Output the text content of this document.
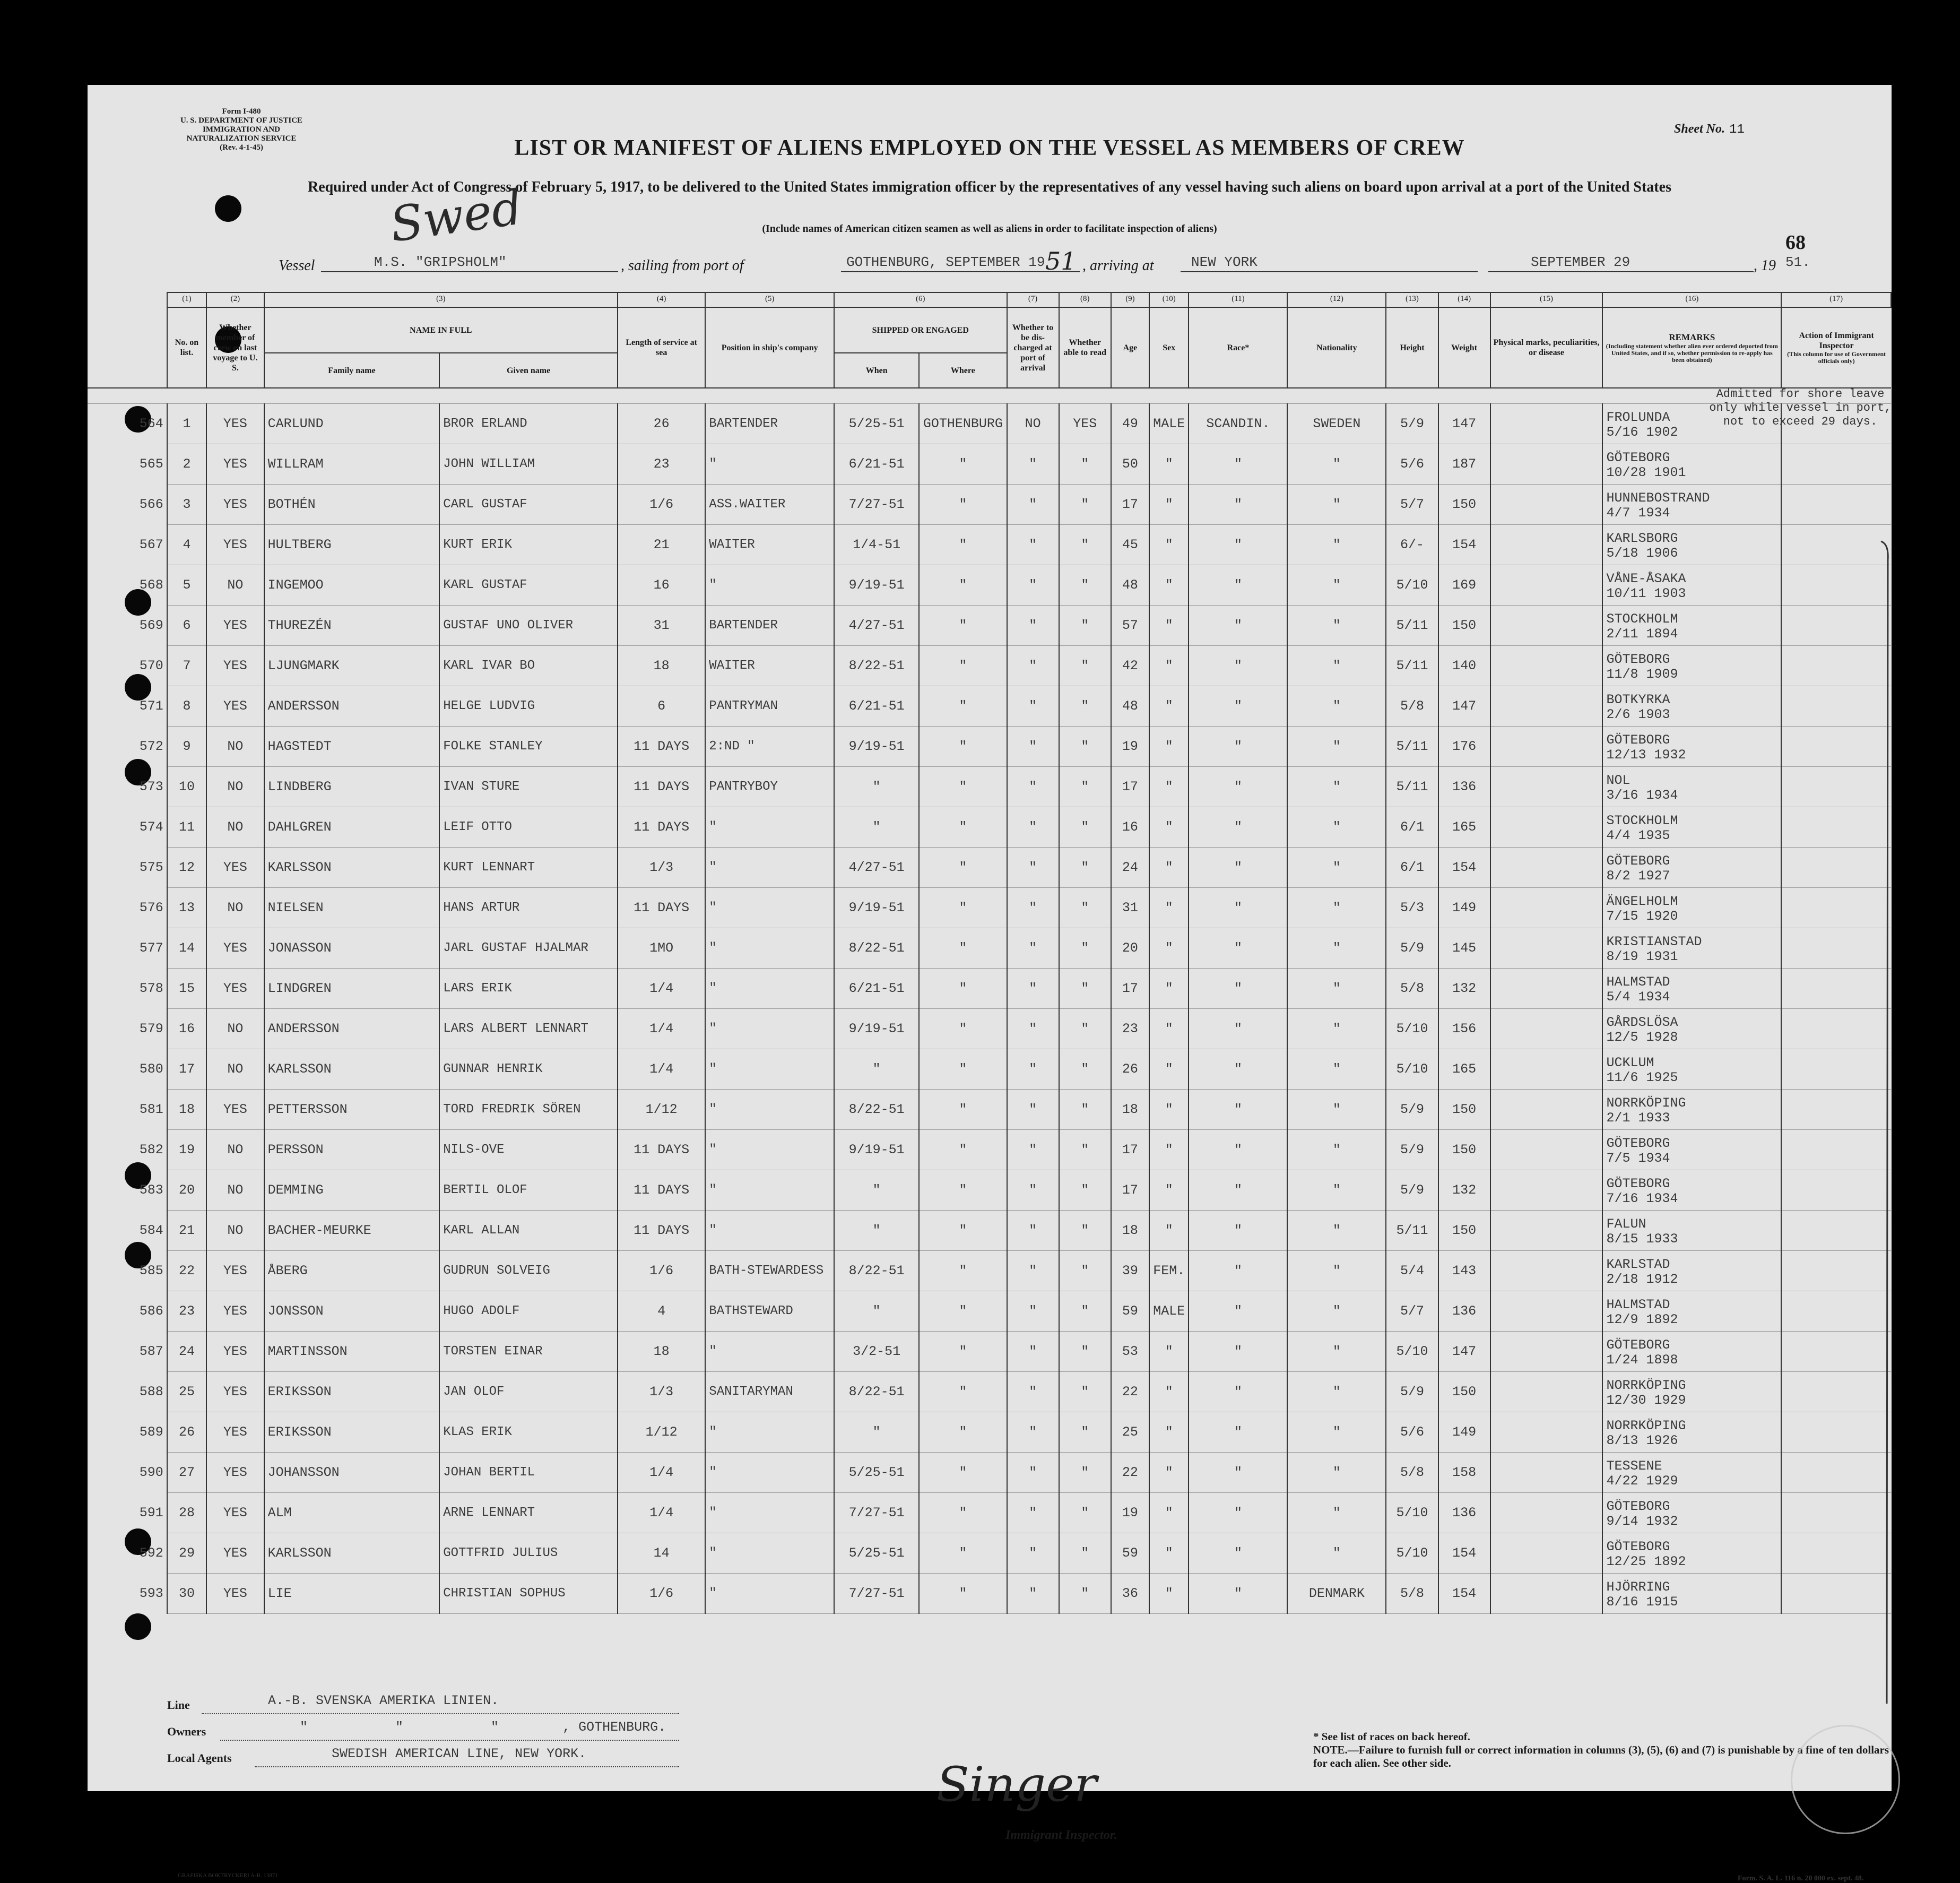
Form I-480
U. S. DEPARTMENT OF JUSTICE
IMMIGRATION AND NATURALIZATION SERVICE
(Rev. 4-1-45)
Sheet No. 11
LIST OR MANIFEST OF ALIENS EMPLOYED ON THE VESSEL AS MEMBERS OF CREW
Required under Act of Congress of February 5, 1917, to be delivered to the United States immigration officer by the representatives of any vessel having such aliens on board upon arrival at a port of the United States
(Include names of American citizen seamen as well as aliens in order to facilitate inspection of aliens)
68
Swed
Vessel	M.S. "GRIPSHOLM"	, sailing from port of	GOTHENBURG, SEPTEMBER 19 51 , arriving at	NEW YORK	SEPTEMBER 29	, 19 51.
	(1)	(2)	(3)		(4)	(5)	(6)		(7)	(8)	(9)	(10)	(11)	(12)	(13)	(14)	(15)	(16)	(17)
	No. on list.	Whether member of crew on last voyage to U. S.	NAME IN FULL		Length of service at sea	Position in ship's company	SHIPPED OR ENGAGED		Whether to be dis-charged at port of arrival	Whether able to read	Age	Sex	Race*	Nationality	Height	Weight	Physical marks, peculiarities, or disease	REMARKS

(Including statement whether alien ever ordered deported from United States, and if so, whether permission to re-apply has been obtained)	Action of Immigrant Inspector

(This column for use of Government officials only)

			Family name	Given name			When	Where											

564	1	YES	CARLUND	BROR ERLAND	26	BARTENDER	5/25-51	GOTHENBURG	NO	YES	49	MALE	SCANDIN.	SWEDEN	5/9	147		FROLUNDA
5/16 1902	

565	2	YES	WILLRAM	JOHN WILLIAM	23	"	6/21-51	"	"	"	50	"	"	"	5/6	187		GÖTEBORG
10/28 1901	

566	3	YES	BOTHÉN	CARL GUSTAF	1/6	ASS.WAITER	7/27-51	"	"	"	17	"	"	"	5/7	150		HUNNEBOSTRAND
4/7 1934	

567	4	YES	HULTBERG	KURT ERIK	21	WAITER	1/4-51	"	"	"	45	"	"	"	6/-	154		KARLSBORG
5/18 1906	

568	5	NO	INGEMOO	KARL GUSTAF	16	"	9/19-51	"	"	"	48	"	"	"	5/10	169		VÅNE-ÅSAKA
10/11 1903	

569	6	YES	THUREZÉN	GUSTAF UNO OLIVER	31	BARTENDER	4/27-51	"	"	"	57	"	"	"	5/11	150		STOCKHOLM
2/11 1894	

570	7	YES	LJUNGMARK	KARL IVAR BO	18	WAITER	8/22-51	"	"	"	42	"	"	"	5/11	140		GÖTEBORG
11/8 1909	

571	8	YES	ANDERSSON	HELGE LUDVIG	6	PANTRYMAN	6/21-51	"	"	"	48	"	"	"	5/8	147		BOTKYRKA
2/6 1903	

572	9	NO	HAGSTEDT	FOLKE STANLEY	11 DAYS	2:ND "	9/19-51	"	"	"	19	"	"	"	5/11	176		GÖTEBORG
12/13 1932	

573	10	NO	LINDBERG	IVAN STURE	11 DAYS	PANTRYBOY	"	"	"	"	17	"	"	"	5/11	136		NOL
3/16 1934	

574	11	NO	DAHLGREN	LEIF OTTO	11 DAYS	"	"	"	"	"	16	"	"	"	6/1	165		STOCKHOLM
4/4 1935	

575	12	YES	KARLSSON	KURT LENNART	1/3	"	4/27-51	"	"	"	24	"	"	"	6/1	154		GÖTEBORG
8/2 1927	

576	13	NO	NIELSEN	HANS ARTUR	11 DAYS	"	9/19-51	"	"	"	31	"	"	"	5/3	149		ÄNGELHOLM
7/15 1920	

577	14	YES	JONASSON	JARL GUSTAF HJALMAR	1MO	"	8/22-51	"	"	"	20	"	"	"	5/9	145		KRISTIANSTAD
8/19 1931	

578	15	YES	LINDGREN	LARS ERIK	1/4	"	6/21-51	"	"	"	17	"	"	"	5/8	132		HALMSTAD
5/4 1934	

579	16	NO	ANDERSSON	LARS ALBERT LENNART	1/4	"	9/19-51	"	"	"	23	"	"	"	5/10	156		GÅRDSLÖSA
12/5 1928	

580	17	NO	KARLSSON	GUNNAR HENRIK	1/4	"	"	"	"	"	26	"	"	"	5/10	165		UCKLUM
11/6 1925	

581	18	YES	PETTERSSON	TORD FREDRIK SÖREN	1/12	"	8/22-51	"	"	"	18	"	"	"	5/9	150		NORRKÖPING
2/1 1933	

582	19	NO	PERSSON	NILS-OVE	11 DAYS	"	9/19-51	"	"	"	17	"	"	"	5/9	150		GÖTEBORG
7/5 1934	

583	20	NO	DEMMING	BERTIL OLOF	11 DAYS	"	"	"	"	"	17	"	"	"	5/9	132		GÖTEBORG
7/16 1934	

584	21	NO	BACHER-MEURKE	KARL ALLAN	11 DAYS	"	"	"	"	"	18	"	"	"	5/11	150		FALUN
8/15 1933	

585	22	YES	ÅBERG	GUDRUN SOLVEIG	1/6	BATH-STEWARDESS	8/22-51	"	"	"	39	FEM.	"	"	5/4	143		KARLSTAD
2/18 1912	

586	23	YES	JONSSON	HUGO ADOLF	4	BATHSTEWARD	"	"	"	"	59	MALE	"	"	5/7	136		HALMSTAD
12/9 1892	

587	24	YES	MARTINSSON	TORSTEN EINAR	18	"	3/2-51	"	"	"	53	"	"	"	5/10	147		GÖTEBORG
1/24 1898	

588	25	YES	ERIKSSON	JAN OLOF	1/3	SANITARYMAN	8/22-51	"	"	"	22	"	"	"	5/9	150		NORRKÖPING
12/30 1929	

589	26	YES	ERIKSSON	KLAS ERIK	1/12	"	"	"	"	"	25	"	"	"	5/6	149		NORRKÖPING
8/13 1926	

590	27	YES	JOHANSSON	JOHAN BERTIL	1/4	"	5/25-51	"	"	"	22	"	"	"	5/8	158		TESSENE
4/22 1929	

591	28	YES	ALM	ARNE LENNART	1/4	"	7/27-51	"	"	"	19	"	"	"	5/10	136		GÖTEBORG
9/14 1932	

592	29	YES	KARLSSON	GOTTFRID JULIUS	14	"	5/25-51	"	"	"	59	"	"	"	5/10	154		GÖTEBORG
12/25 1892	

593	30	YES	LIE	CHRISTIAN SOPHUS	1/6	"	7/27-51	"	"	"	36	"	"	DENMARK	5/8	154		HJÖRRING
8/16 1915	

Admitted for shore leave only while vessel in port, not to exceed 29 days.
Line	A.-B. SVENSKA AMERIKA LINIEN.
Owners	"           "           "        , GOTHENBURG.
Local Agents	SWEDISH AMERICAN LINE, NEW YORK.
Singer
Immigrant Inspector.
* See list of races on back hereof.
NOTE.—Failure to furnish full or correct information in columns (3), (5), (6) and (7) is punishable by a fine of ten dollars for each alien. See other side.
GRAFISKA BOKTRYCKERI A-B. 13871	Form. S. A. L. 116 n. 20 000 ex. sept. 48.
